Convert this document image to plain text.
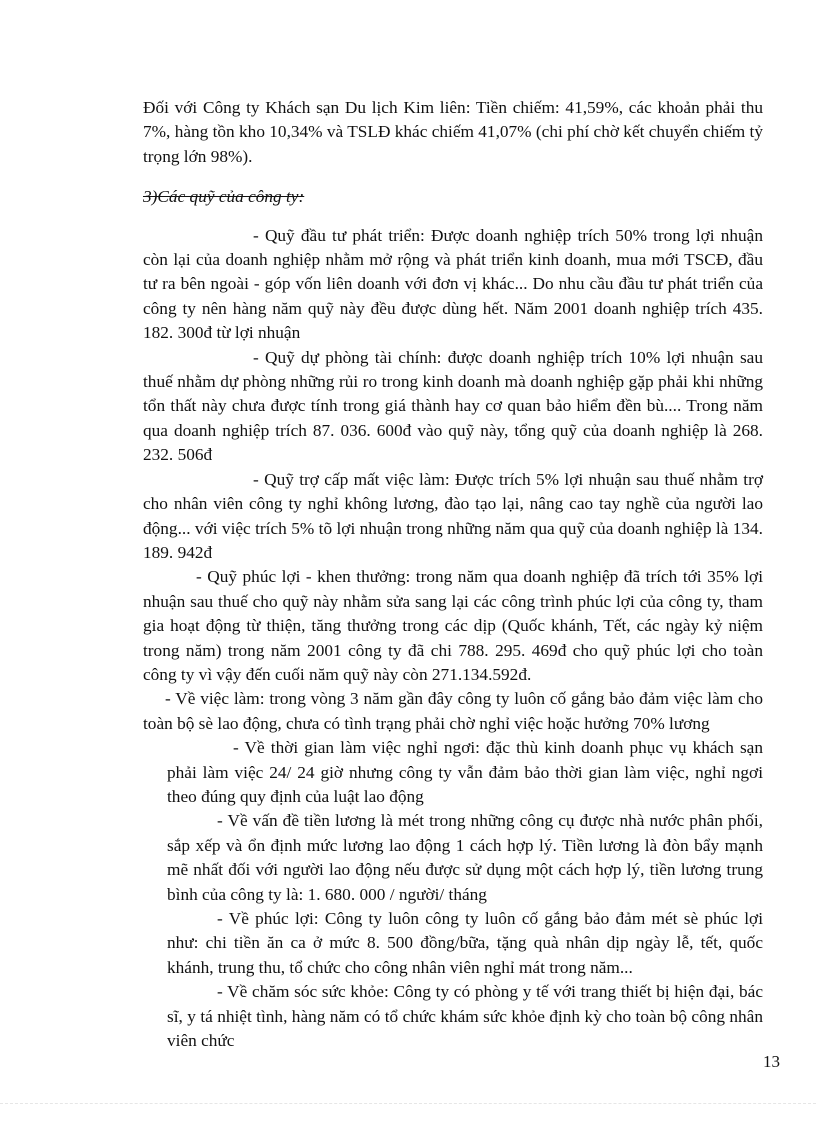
Đối với Công ty Khách sạn Du lịch Kim liên: Tiền chiếm: 41,59%, các khoản phải thu 7%, hàng tồn kho 10,34% và TSLĐ khác chiếm 41,07% (chi phí chờ kết chuyển chiếm tỷ trọng lớn 98%).

3)Các quỹ của công ty:

- Quỹ đầu tư phát triển: Được doanh nghiệp trích 50% trong lợi nhuận còn lại của doanh nghiệp nhằm mở rộng và phát triển kinh doanh, mua mới TSCĐ, đầu tư ra bên ngoài - góp vốn liên doanh với đơn vị khác... Do nhu cầu đầu tư phát triển của công ty nên hàng năm quỹ này đều được dùng hết. Năm 2001 doanh nghiệp trích 435. 182. 300đ từ lợi nhuận

- Quỹ dự phòng tài chính: được doanh nghiệp trích 10% lợi nhuận sau thuế nhằm dự phòng những rủi ro trong kinh doanh mà doanh nghiệp gặp phải khi những tổn thất này chưa được tính trong giá thành hay cơ quan bảo hiểm đền bù.... Trong năm qua doanh nghiệp trích 87. 036. 600đ vào quỹ này, tổng quỹ của doanh nghiệp là 268. 232. 506đ

- Quỹ trợ cấp mất việc làm: Được trích 5% lợi nhuận sau thuế nhằm trợ cho nhân viên công ty nghỉ không lương, đào tạo lại, nâng cao tay nghề của người lao động... với việc trích 5% tõ lợi nhuận trong những năm qua quỹ của doanh nghiệp là 134. 189. 942đ

- Quỹ phúc lợi - khen thưởng: trong năm qua doanh nghiệp đã trích tới 35% lợi nhuận sau thuế cho quỹ này nhằm sửa sang lại các công trình phúc lợi của công ty, tham gia hoạt động từ thiện, tăng thưởng trong các dịp (Quốc khánh, Tết, các ngày kỷ niệm trong năm) trong năm 2001 công ty đã chi 788. 295. 469đ cho quỹ phúc lợi cho toàn công ty vì vậy đến cuối năm quỹ này còn 271.134.592đ.

- Về việc làm: trong vòng 3 năm gần đây công ty luôn cố gắng bảo đảm việc làm cho toàn bộ sè lao động, chưa có tình trạng phải chờ nghỉ việc hoặc hưởng 70% lương

- Về thời gian làm việc nghỉ ngơi: đặc thù kinh doanh phục vụ khách sạn phải làm việc 24/ 24 giờ nhưng công ty vẫn đảm bảo thời gian làm việc, nghỉ ngơi theo đúng quy định của luật lao động

- Về vấn đề tiền lương là mét trong những công cụ được nhà nước phân phối, sắp xếp và ổn định mức lương lao động 1 cách hợp lý. Tiền lương là đòn bẩy mạnh mẽ nhất đối với người lao động nếu được sử dụng một cách hợp lý, tiền lương trung bình của công ty là: 1. 680. 000 / người/ tháng

- Về phúc lợi: Công ty luôn công ty luôn cố gắng bảo đảm mét sè phúc lợi như: chi tiền ăn ca ở mức 8. 500 đồng/bữa, tặng quà nhân dịp ngày lễ, tết, quốc khánh, trung thu, tổ chức cho công nhân viên nghỉ mát trong năm...

- Về chăm sóc sức khỏe: Công ty có phòng y tế với trang thiết bị hiện đại, bác sĩ, y tá nhiệt tình, hàng năm có tổ chức khám sức khỏe định kỳ cho toàn bộ công nhân viên chức

13
